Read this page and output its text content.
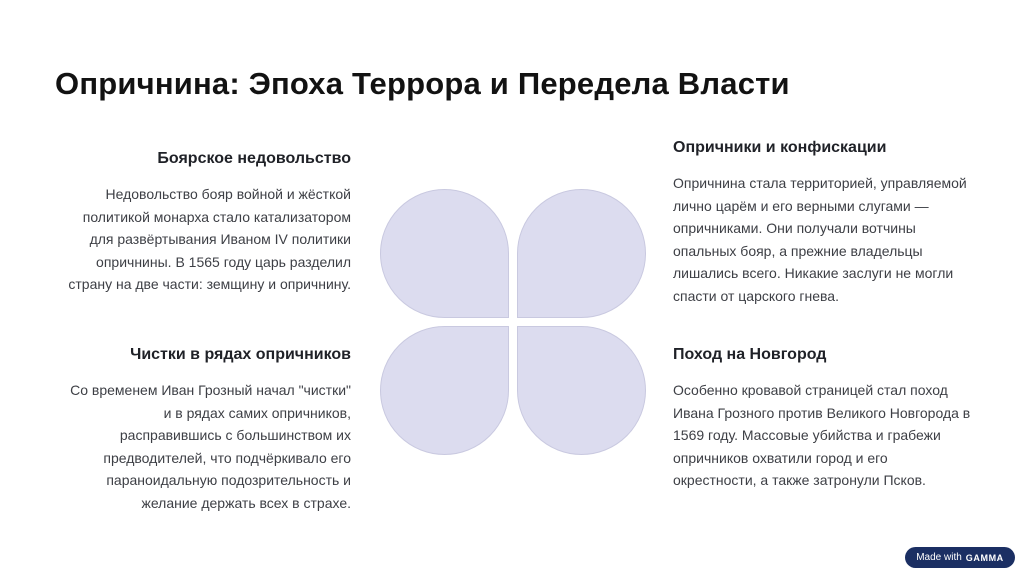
Опричнина: Эпоха Террора и Передела Власти
Боярское недовольство

Недовольство бояр войной и жёсткой политикой монарха стало катализатором для развёртывания Иваном IV политики опричнины. В 1565 году царь разделил страну на две части: земщину и опричнину.

Чистки в рядах опричников

Со временем Иван Грозный начал "чистки" и в рядах самих опричников, расправившись с большинством их предводителей, что подчёркивало его параноидальную подозрительность и желание держать всех в страхе.

Опричники и конфискации

Опричнина стала территорией, управляемой лично царём и его верными слугами — опричниками. Они получали вотчины опальных бояр, а прежние владельцы лишались всего. Никакие заслуги не могли спасти от царского гнева.

Поход на Новгород

Особенно кровавой страницей стал поход Ивана Грозного против Великого Новгорода в 1569 году. Массовые убийства и грабежи опричников охватили город и его окрестности, а также затронули Псков.

Made with GAMMA
